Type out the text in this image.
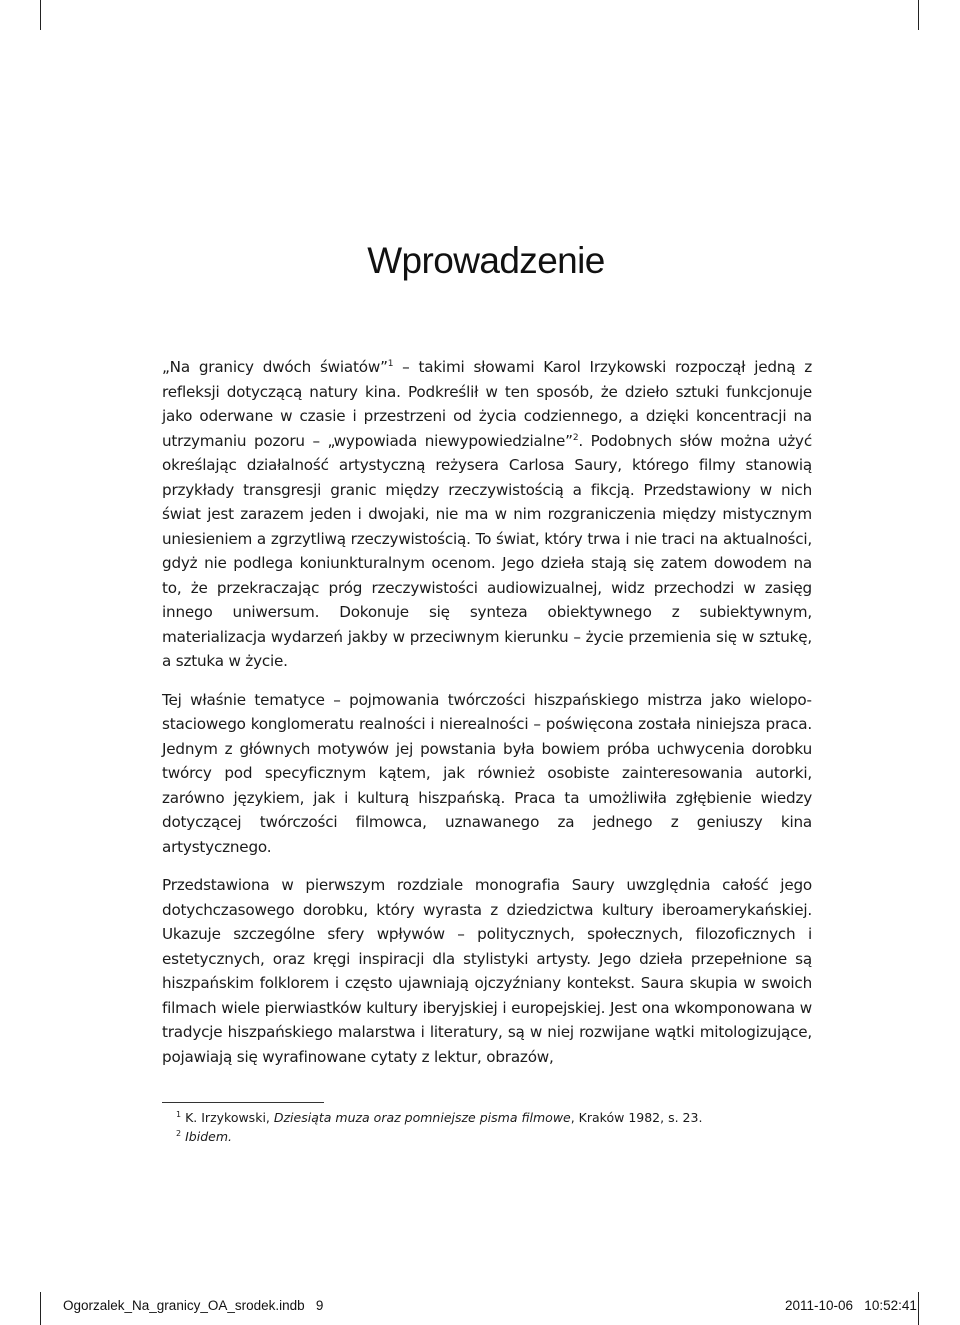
Wprowadzenie

„Na granicy dwóch światów”$^1$ – takimi słowami Karol Irzykowski rozpoczął jedną z refleksji dotyczącą natury kina. Podkreślił w ten sposób, że dzieło sztuki funkcjonuje jako oderwane w czasie i przestrzeni od życia codziennego, a dzięki koncentracji na utrzymaniu pozoru – „wypowiada niewypowiedzialne”$^2$. Podobnych słów można użyć określając działalność artystyczną reżysera Carlosa Saury, którego filmy stanowią przykłady transgresji granic między rzeczywistością a fikcją. Przedstawiony w nich świat jest zarazem jeden i dwojaki, nie ma w nim rozgraniczenia między mistycznym uniesieniem a zgrzytliwą rzeczywistością. To świat, który trwa i nie traci na aktualności, gdyż nie podlega koniunkturalnym ocenom. Jego dzieła stają się zatem dowodem na to, że przekraczając próg rzeczywistości audiowizualnej, widz przechodzi w zasięg innego uniwersum. Dokonuje się synteza obiektywnego z subiektywnym, materializacja wydarzeń jakby w przeciwnym kierunku – życie przemienia się w sztukę, a sztuka w życie.

Tej właśnie tematyce – pojmowania twórczości hiszpańskiego mistrza jako wielopostaciowego konglomeratu realności i nierealności – poświęcona została niniejsza praca. Jednym z głównych motywów jej powstania była bowiem próba uchwycenia dorobku twórcy pod specyficznym kątem, jak również osobiste zainteresowania autorki, zarówno językiem, jak i kulturą hiszpańską. Praca ta umożliwiła zgłębienie wiedzy dotyczącej twórczości filmowca, uznawanego za jednego z geniuszy kina artystycznego.

Przedstawiona w pierwszym rozdziale monografia Saury uwzględnia całość jego dotychczasowego dorobku, który wyrasta z dziedzictwa kultury iberoamerykańskiej. Ukazuje szczególne sfery wpływów – politycznych, społecznych, filozoficznych i estetycznych, oraz kręgi inspiracji dla stylistyki artysty. Jego dzieła przepełnione są hiszpańskim folklorem i często ujawniają ojczyźniany kontekst. Saura skupia w swoich filmach wiele pierwiastków kultury iberyjskiej i europejskiej. Jest ona wkomponowana w tradycje hiszpańskiego malarstwa i literatury, są w niej rozwijane wątki mitologizujące, pojawiają się wyrafinowane cytaty z lektur, obrazów,

$^1$ K. Irzykowski, Dziesiąta muza oraz pomniejsze pisma filmowe, Kraków 1982, s. 23.
$^2$ Ibidem.
Ogorzalek_Na_granicy_OA_srodek.indb   9	2011-10-06   10:52:41
